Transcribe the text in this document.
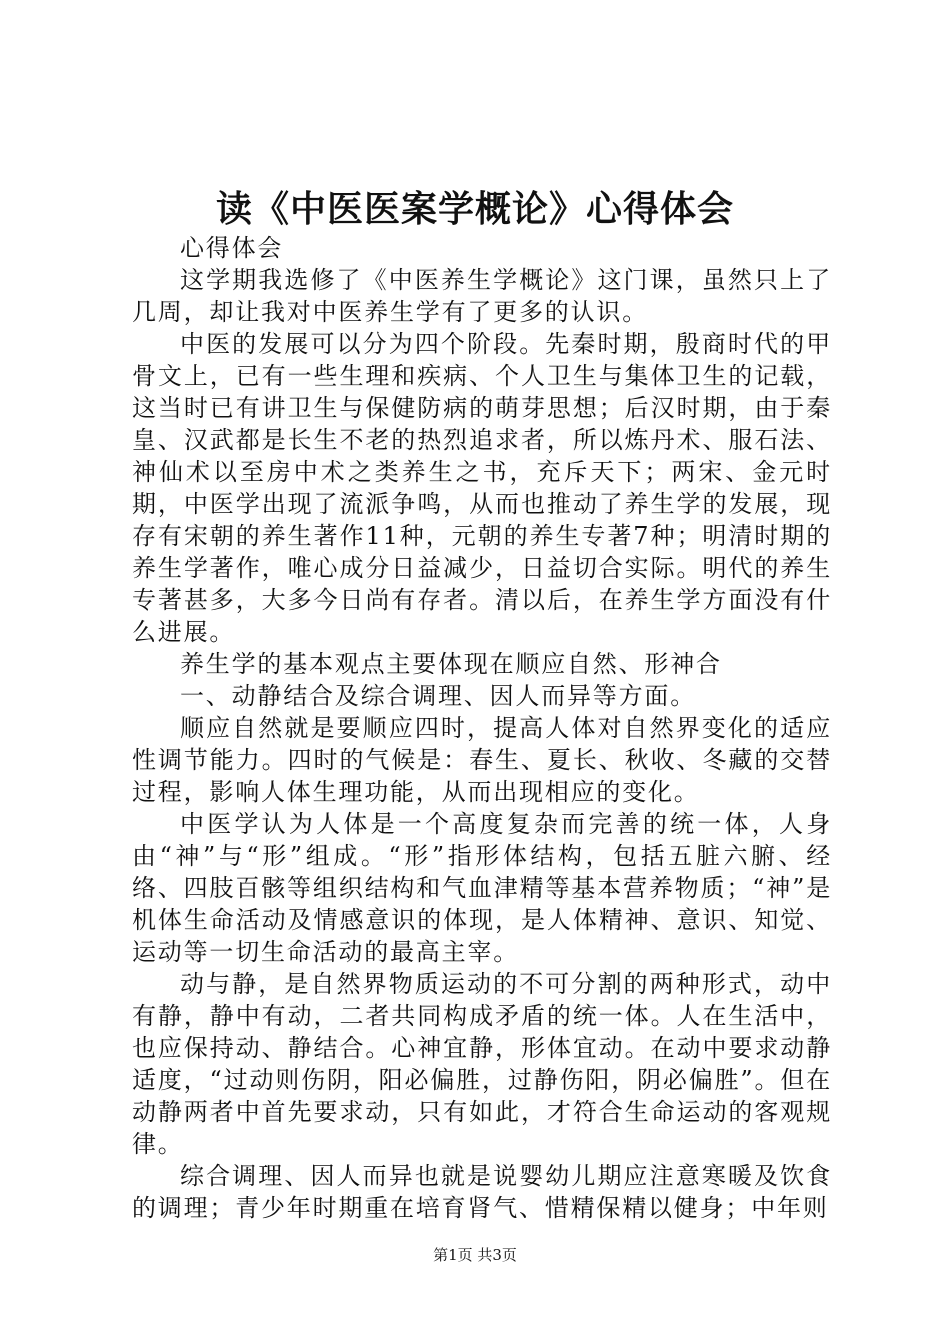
读《中医医案学概论》心得体会

心得体会

这学期我选修了《中医养生学概论》这门课，虽然只上了几周，却让我对中医养生学有了更多的认识。

中医的发展可以分为四个阶段。先秦时期，殷商时代的甲骨文上，已有一些生理和疾病、个人卫生与集体卫生的记载，这当时已有讲卫生与保健防病的萌芽思想；后汉时期，由于秦皇、汉武都是长生不老的热烈追求者，所以炼丹术、服石法、神仙术以至房中术之类养生之书，充斥天下；两宋、金元时期，中医学出现了流派争鸣，从而也推动了养生学的发展，现存有宋朝的养生著作11种，元朝的养生专著7种；明清时期的养生学著作，唯心成分日益减少，日益切合实际。明代的养生专著甚多，大多今日尚有存者。清以后，在养生学方面没有什么进展。

养生学的基本观点主要体现在顺应自然、形神合

一、动静结合及综合调理、因人而异等方面。

顺应自然就是要顺应四时，提高人体对自然界变化的适应性调节能力。四时的气候是：春生、夏长、秋收、冬藏的交替过程，影响人体生理功能，从而出现相应的变化。

中医学认为人体是一个高度复杂而完善的统一体，人身由“神”与“形”组成。“形”指形体结构，包括五脏六腑、经络、四肢百骸等组织结构和气血津精等基本营养物质；“神”是机体生命活动及情感意识的体现，是人体精神、意识、知觉、运动等一切生命活动的最高主宰。

动与静，是自然界物质运动的不可分割的两种形式，动中有静，静中有动，二者共同构成矛盾的统一体。人在生活中，也应保持动、静结合。心神宜静，形体宜动。在动中要求动静适度，“过动则伤阴，阳必偏胜，过静伤阳，阴必偏胜”。但在动静两者中首先要求动，只有如此，才符合生命运动的客观规律。

综合调理、因人而异也就是说婴幼儿期应注意寒暖及饮食的调理；青少年时期重在培育肾气、惜精保精以健身；中年则

第1页 共3页
